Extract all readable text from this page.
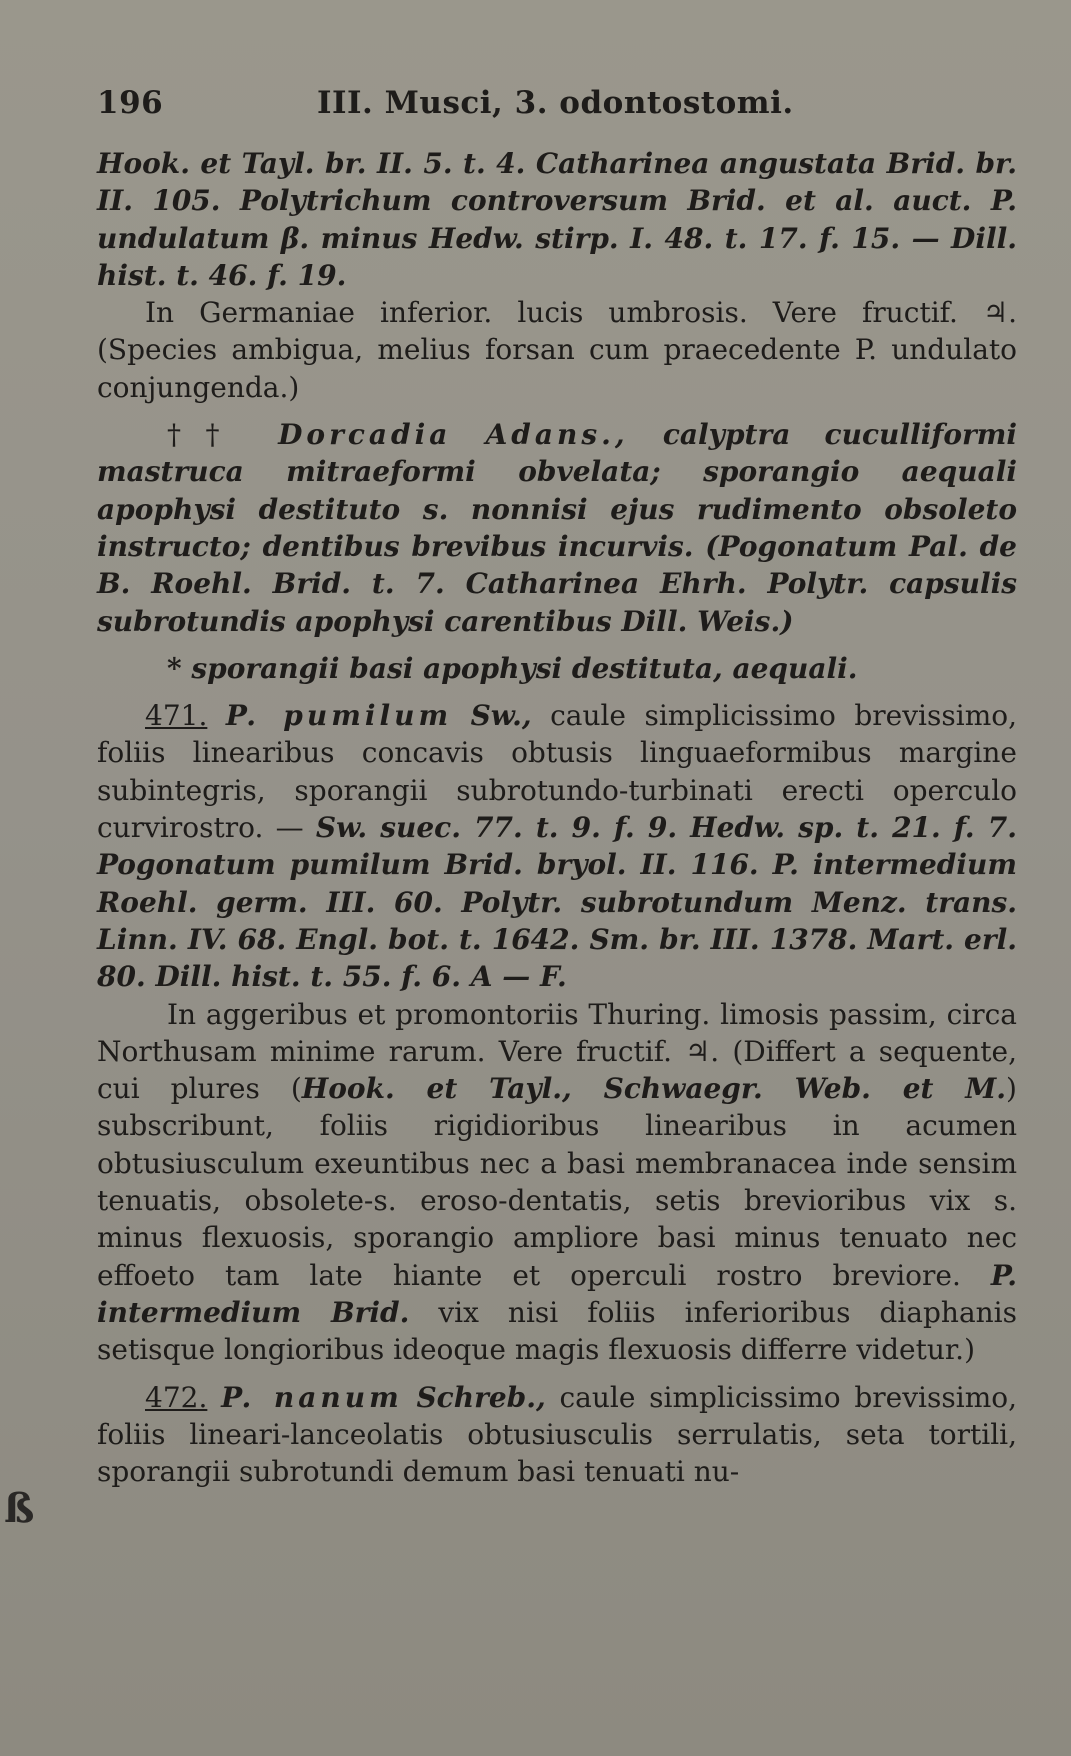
196	III. Musci, 3. odontostomi.

Hook. et Tayl. br. II. 5. t. 4. Catharinea angustata Brid. br. II. 105. Polytrichum controversum Brid. et al. auct. P. undulatum β. minus Hedw. stirp. I. 48. t. 17. f. 15. — Dill. hist. t. 46. f. 19.

In Germaniae inferior. lucis umbrosis. Vere fructif. ♃. (Species ambigua, melius forsan cum praecedente P. undulato conjungenda.)

†† Dorcadia Adans., calyptra cuculliformi mastruca mitraeformi obvelata; sporangio aequali apophysi destituto s. nonnisi ejus rudimento obsoleto instructo; dentibus brevibus incurvis. (Pogonatum Pal. de B. Roehl. Brid. t. 7. Catharinea Ehrh. Polytr. capsulis subrotundis apophysi carentibus Dill. Weis.)

* sporangii basi apophysi destituta, aequali.

471. P. pumilum Sw., caule simplicissimo brevissimo, foliis linearibus concavis obtusis linguaeformibus margine subintegris, sporangii subrotundo-turbinati erecti operculo curvirostro. — Sw. suec. 77. t. 9. f. 9. Hedw. sp. t. 21. f. 7. Pogonatum pumilum Brid. bryol. II. 116. P. intermedium Roehl. germ. III. 60. Polytr. subrotundum Menz. trans. Linn. IV. 68. Engl. bot. t. 1642. Sm. br. III. 1378. Mart. erl. 80. Dill. hist. t. 55. f. 6. A — F.

In aggeribus et promontoriis Thuring. limosis passim, circa Northusam minime rarum. Vere fructif. ♃. (Differt a sequente, cui plures (Hook. et Tayl., Schwaegr. Web. et M.) subscribunt, foliis rigidioribus linearibus in acumen obtusiusculum exeuntibus nec a basi membranacea inde sensim tenuatis, obsolete-s. eroso-dentatis, setis brevioribus vix s. minus flexuosis, sporangio ampliore basi minus tenuato nec effoeto tam late hiante et operculi rostro breviore. P. intermedium Brid. vix nisi foliis inferioribus diaphanis setisque longioribus ideoque magis flexuosis differre videtur.)

472. P. nanum Schreb., caule simplicissimo brevissimo, foliis lineari-lanceolatis obtusiusculis serrulatis, seta tortili, sporangii subrotundi demum basi tenuati nu-

ß
